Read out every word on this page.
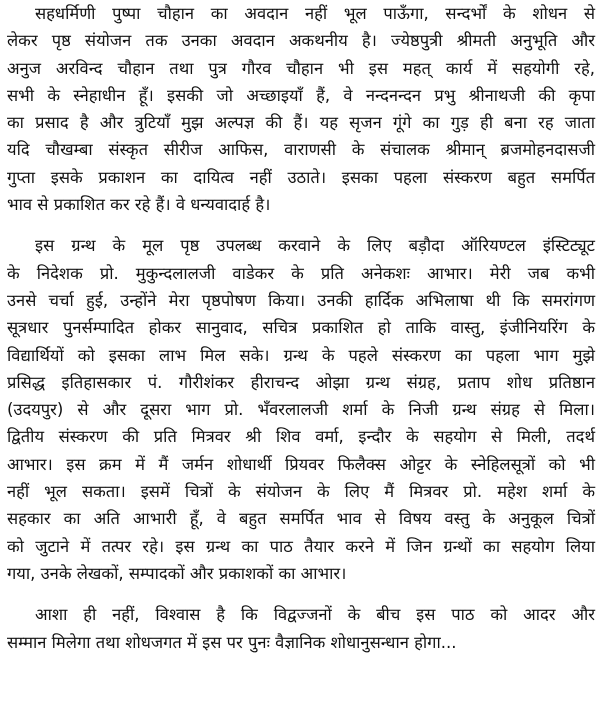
सहधर्मिणी पुष्पा चौहान का अवदान नहीं भूल पाऊँगा, सन्दर्भों के शोधन से
लेकर पृष्ठ संयोजन तक उनका अवदान अकथनीय है। ज्येष्ठपुत्री श्रीमती अनुभूति और
अनुज अरविन्द चौहान तथा पुत्र गौरव चौहान भी इस महत् कार्य में सहयोगी रहे,
सभी के स्नेहाधीन हूँ। इसकी जो अच्छाइयाँ हैं, वे नन्दनन्दन प्रभु श्रीनाथजी की कृपा
का प्रसाद है और त्रुटियाँ मुझ अल्पज्ञ की हैं। यह सृजन गूंगे का गुड़ ही बना रह जाता
यदि चौखम्बा संस्कृत सीरीज आफिस, वाराणसी के संचालक श्रीमान् ब्रजमोहनदासजी
गुप्ता इसके प्रकाशन का दायित्व नहीं उठाते। इसका पहला संस्करण बहुत समर्पित
भाव से प्रकाशित कर रहे हैं। वे धन्यवादार्ह है।
इस ग्रन्थ के मूल पृष्ठ उपलब्ध करवाने के लिए बड़ौदा ऑरियण्टल इंस्टिट्यूट
के निदेशक प्रो. मुकुन्दलालजी वाडेकर के प्रति अनेकशः आभार। मेरी जब कभी
उनसे चर्चा हुई, उन्होंने मेरा पृष्ठपोषण किया। उनकी हार्दिक अभिलाषा थी कि समरांगण
सूत्रधार पुनर्सम्पादित होकर सानुवाद, सचित्र प्रकाशित हो ताकि वास्तु, इंजीनियरिंग के
विद्यार्थियों को इसका लाभ मिल सके। ग्रन्थ के पहले संस्करण का पहला भाग मुझे
प्रसिद्ध इतिहासकार पं. गौरीशंकर हीराचन्द ओझा ग्रन्थ संग्रह, प्रताप शोध प्रतिष्ठान
(उदयपुर) से और दूसरा भाग प्रो. भँवरलालजी शर्मा के निजी ग्रन्थ संग्रह से मिला।
द्वितीय संस्करण की प्रति मित्रवर श्री शिव वर्मा, इन्दौर के सहयोग से मिली, तदर्थ
आभार। इस क्रम में मैं जर्मन शोधार्थी प्रियवर फिलैक्स ओट्टर के स्नेहिलसूत्रों को भी
नहीं भूल सकता। इसमें चित्रों के संयोजन के लिए मैं मित्रवर प्रो. महेश शर्मा के
सहकार का अति आभारी हूँ, वे बहुत समर्पित भाव से विषय वस्तु के अनुकूल चित्रों
को जुटाने में तत्पर रहे। इस ग्रन्थ का पाठ तैयार करने में जिन ग्रन्थों का सहयोग लिया
गया, उनके लेखकों, सम्पादकों और प्रकाशकों का आभार।
आशा ही नहीं, विश्वास है कि विद्वज्जनों के बीच इस पाठ को आदर और
सम्मान मिलेगा तथा शोधजगत में इस पर पुनः वैज्ञानिक शोधानुसन्धान होगा...
